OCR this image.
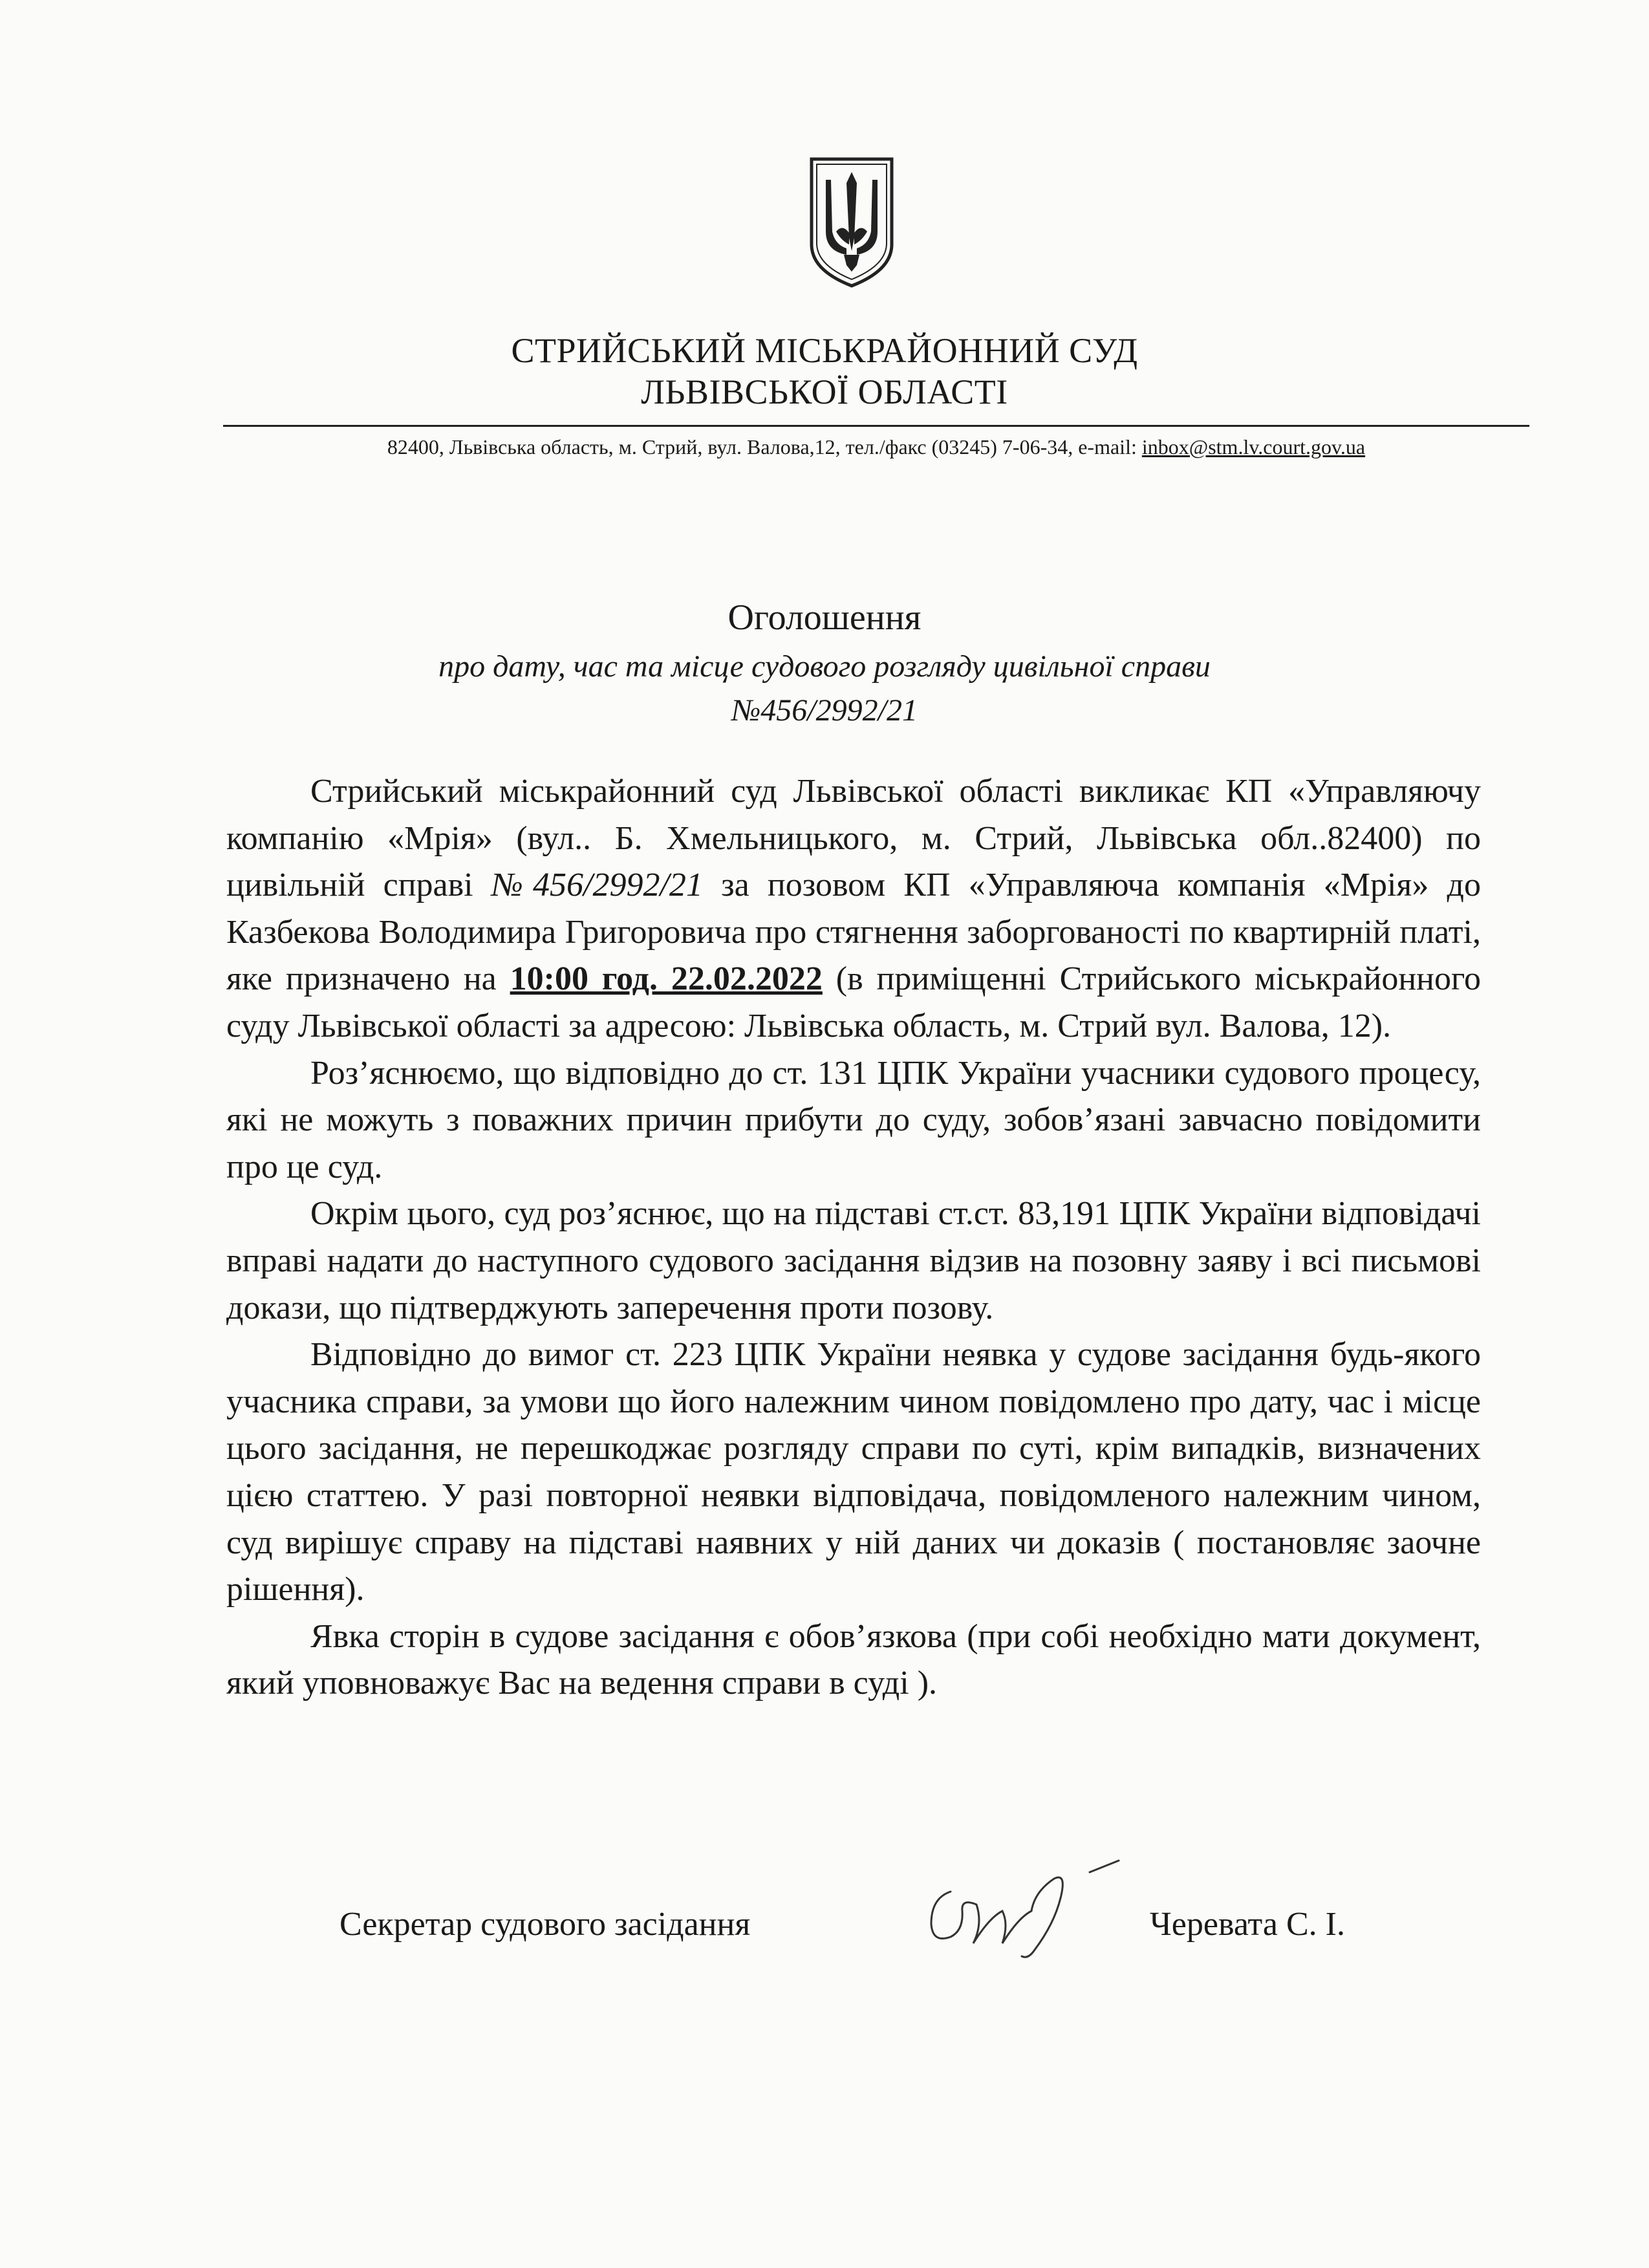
СТРИЙСЬКИЙ МІСЬКРАЙОННИЙ СУД
ЛЬВІВСЬКОЇ ОБЛАСТІ
82400, Львівська область, м. Стрий, вул. Валова,12, тел./факс (03245) 7-06-34, e-mail: inbox@stm.lv.court.gov.ua
Оголошення
про дату, час та місце судового розгляду цивільної справи
№456/2992/21

Стрийський міськрайонний суд Львівської області викликає КП «Управляючу компанію «Мрія» (вул.. Б. Хмельницького, м. Стрий, Львівська обл..82400) по цивільній справі №456/2992/21 за позовом КП «Управляюча компанія «Мрія» до Казбекова Володимира Григоровича про стягнення заборгованості по квартирній платі, яке призначено на 10:00 год. 22.02.2022 (в приміщенні Стрийського міськрайонного суду Львівської області за адресою: Львівська область, м. Стрий вул. Валова, 12).

Роз’яснюємо, що відповідно до ст. 131 ЦПК України учасники судового процесу, які не можуть з поважних причин прибути до суду, зобов’язані завчасно повідомити про це суд.

Окрім цього, суд роз’яснює, що на підставі ст.ст. 83,191 ЦПК України відповідачі вправі надати до наступного судового засідання відзив на позовну заяву і всі письмові докази, що підтверджують заперечення проти позову.

Відповідно до вимог ст. 223 ЦПК України неявка у судове засідання будь-якого учасника справи, за умови що його належним чином повідомлено про дату, час і місце цього засідання, не перешкоджає розгляду справи по суті, крім випадків, визначених цією статтею. У разі повторної неявки відповідача, повідомленого належним чином, суд вирішує справу на підставі наявних у ній даних чи доказів ( постановляє заочне рішення).

Явка сторін в судове засідання є обов’язкова (при собі необхідно мати документ, який уповноважує Вас на ведення справи в суді ).

Секретар судового засідання	Черевата С. І.
